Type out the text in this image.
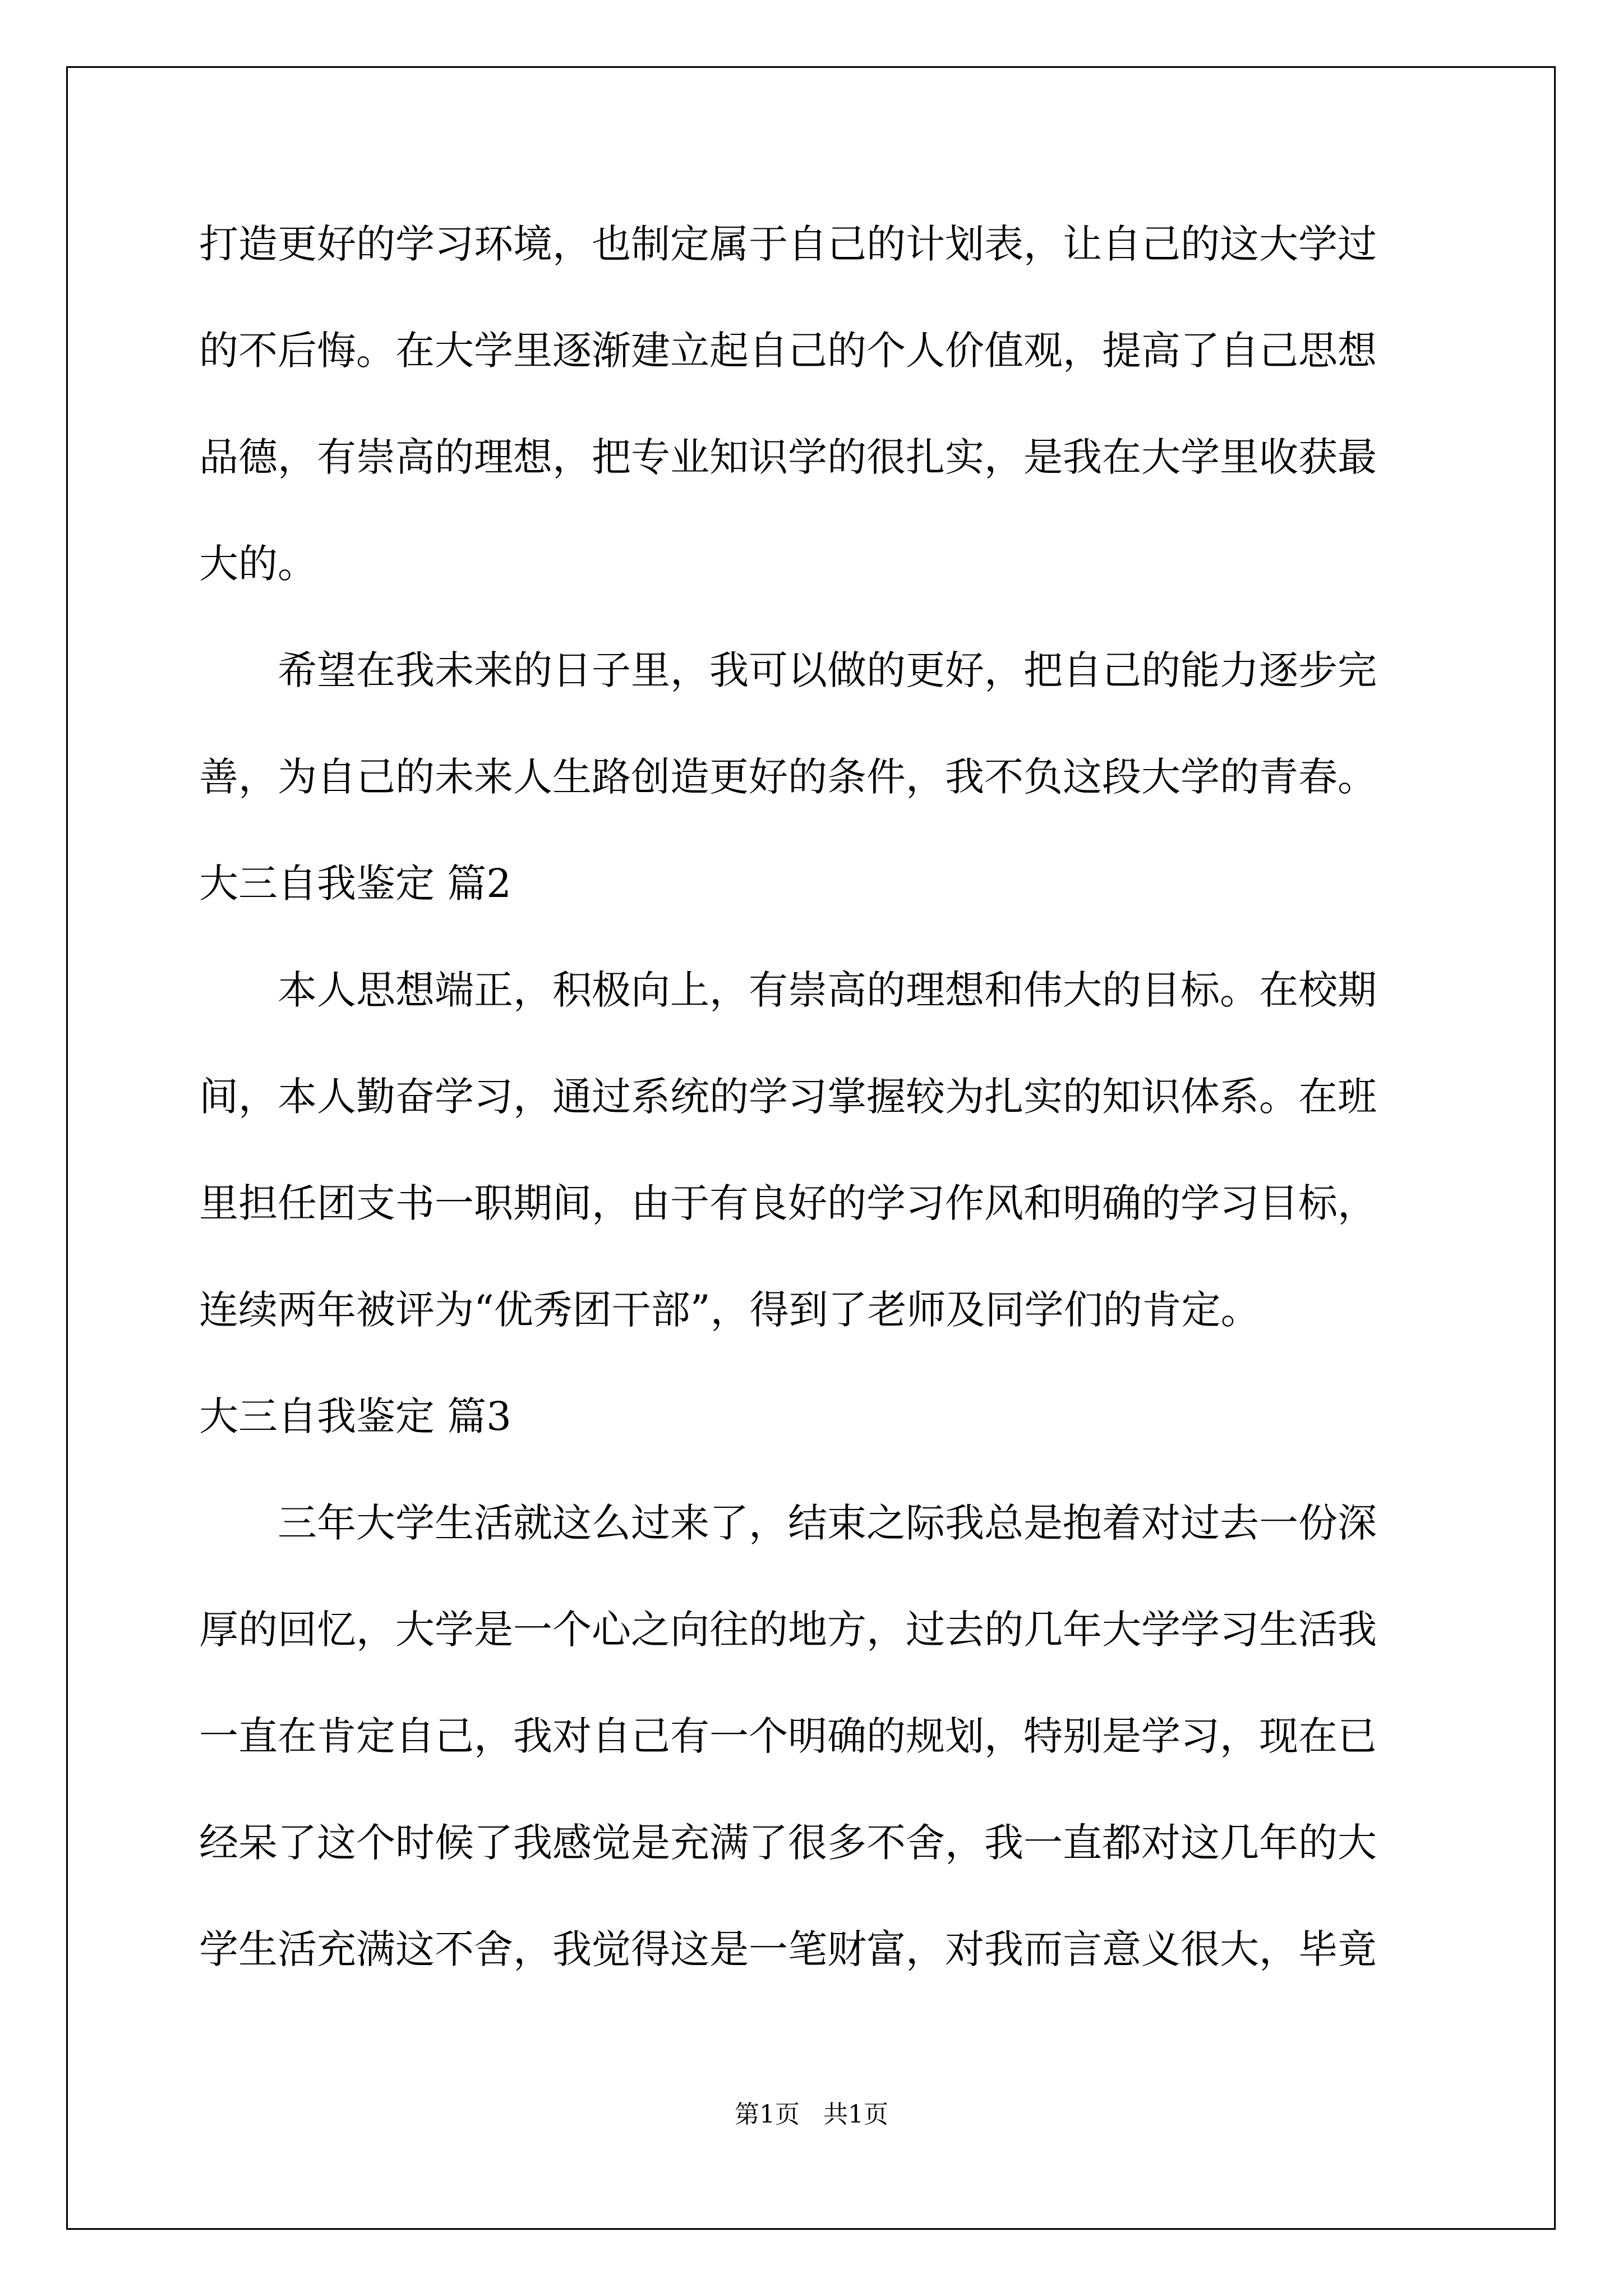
打造更好的学习环境，也制定属于自己的计划表，让自己的这大学过
的不后悔。在大学里逐渐建立起自己的个人价值观，提高了自己思想
品德，有崇高的理想，把专业知识学的很扎实，是我在大学里收获最
大的。
希望在我未来的日子里，我可以做的更好，把自己的能力逐步完
善，为自己的未来人生路创造更好的条件，我不负这段大学的青春。
大三自我鉴定 篇2
本人思想端正，积极向上，有崇高的理想和伟大的目标。在校期
间，本人勤奋学习，通过系统的学习掌握较为扎实的知识体系。在班
里担任团支书一职期间，由于有良好的学习作风和明确的学习目标，
连续两年被评为“优秀团干部”，得到了老师及同学们的肯定。
大三自我鉴定 篇3
三年大学生活就这么过来了，结束之际我总是抱着对过去一份深
厚的回忆，大学是一个心之向往的地方，过去的几年大学学习生活我
一直在肯定自己，我对自己有一个明确的规划，特别是学习，现在已
经呆了这个时候了我感觉是充满了很多不舍，我一直都对这几年的大
学生活充满这不舍，我觉得这是一笔财富，对我而言意义很大，毕竟
第1页   共1页
